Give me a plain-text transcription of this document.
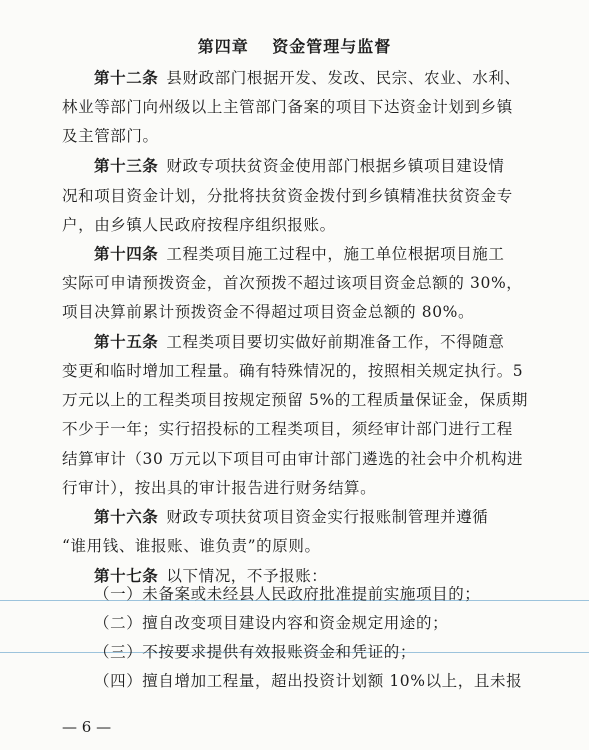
第四章　 资金管理与监督
第十二条 县财政部门根据开发、发改、民宗、农业、水利、
林业等部门向州级以上主管部门备案的项目下达资金计划到乡镇
及主管部门。
第十三条 财政专项扶贫资金使用部门根据乡镇项目建设情
况和项目资金计划，分批将扶贫资金拨付到乡镇精准扶贫资金专
户，由乡镇人民政府按程序组织报账。
第十四条 工程类项目施工过程中，施工单位根据项目施工
实际可申请预拨资金，首次预拨不超过该项目资金总额的 30%，
项目决算前累计预拨资金不得超过项目资金总额的 80%。
第十五条 工程类项目要切实做好前期准备工作，不得随意
变更和临时增加工程量。确有特殊情况的，按照相关规定执行。5
万元以上的工程类项目按规定预留 5%的工程质量保证金，保质期
不少于一年；实行招投标的工程类项目，须经审计部门进行工程
结算审计（30 万元以下项目可由审计部门遴选的社会中介机构进
行审计），按出具的审计报告进行财务结算。
第十六条 财政专项扶贫项目资金实行报账制管理并遵循
“谁用钱、谁报账、谁负责”的原则。
第十七条 以下情况，不予报账：
（一）未备案或未经县人民政府批准提前实施项目的；
（二）擅自改变项目建设内容和资金规定用途的；
（三）不按要求提供有效报账资金和凭证的；
（四）擅自增加工程量，超出投资计划额 10%以上，且未报
— 6 —
